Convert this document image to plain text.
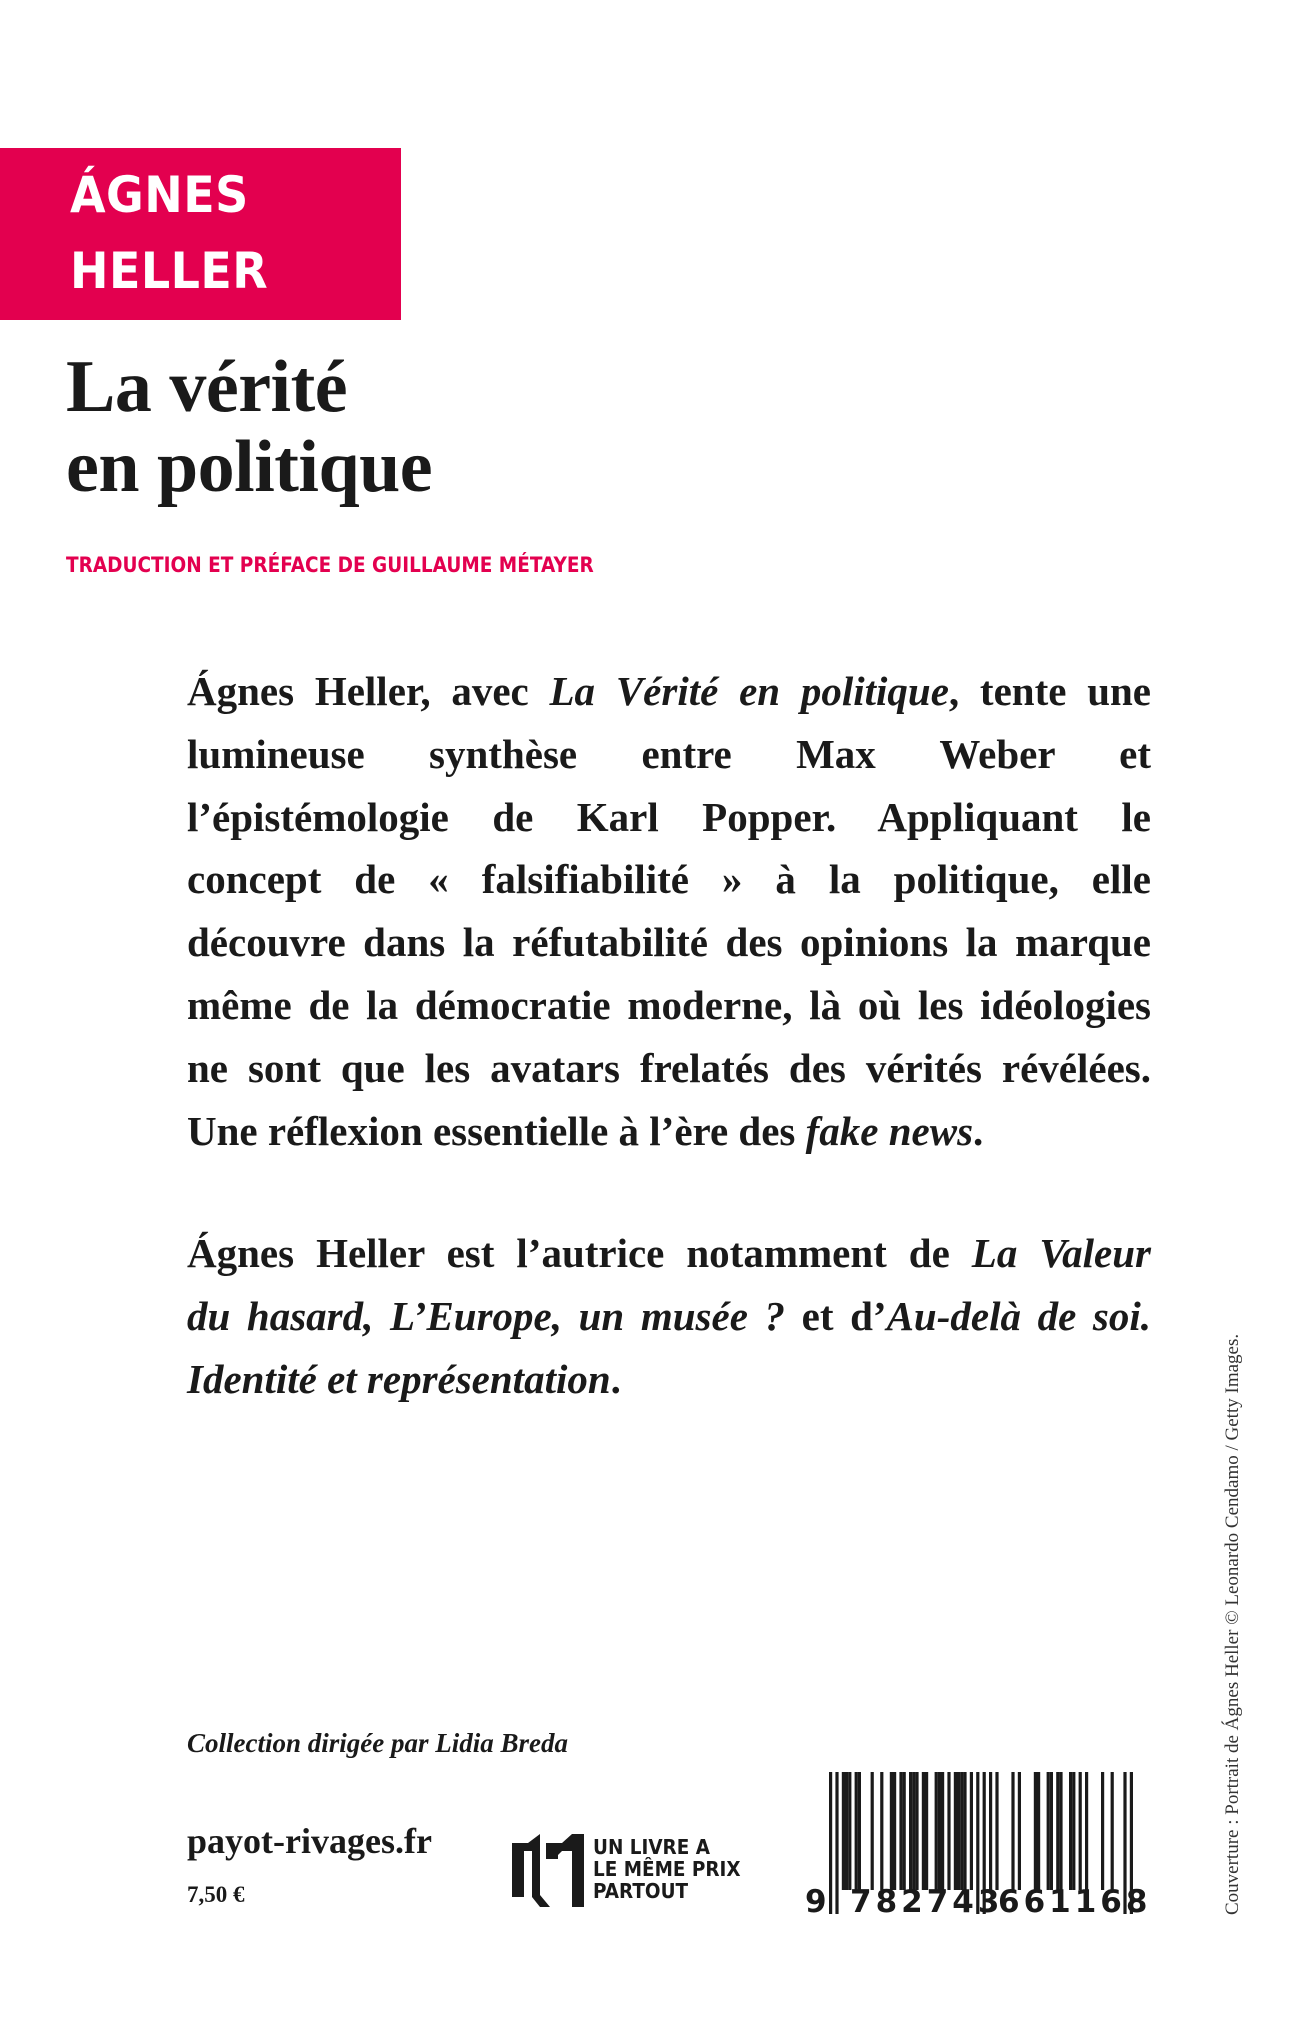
ÁGNES
HELLER
La vérité
en politique
TRADUCTION ET PRÉFACE DE GUILLAUME MÉTAYER
Ágnes Heller, avec La Vérité en politique, tente une
lumineuse synthèse entre Max Weber et
l’épistémologie de Karl Popper. Appliquant le
concept de « falsifiabilité » à la politique, elle
découvre dans la réfutabilité des opinions la marque
même de la démocratie moderne, là où les idéologies
ne sont que les avatars frelatés des vérités révélées.
Une réflexion essentielle à l’ère des fake news.
Ágnes Heller est l’autrice notamment de La Valeur
du hasard, L’Europe, un musée ? et d’Au-delà de soi.
Identité et représentation.
Collection dirigée par Lidia Breda
payot-rivages.fr
7,50 €
UN LIVRE A
LE MÊME PRIX
PARTOUT	9 782743
661168	Couverture : Portrait de Ágnes Heller © Leonardo Cendamo / Getty Images.
